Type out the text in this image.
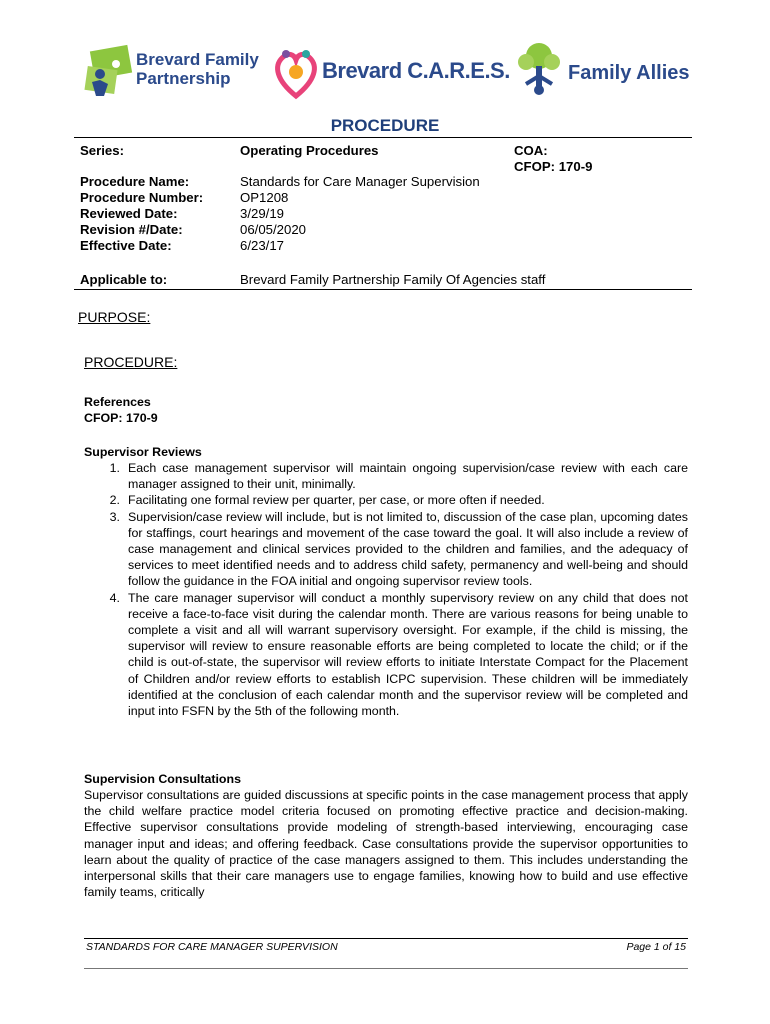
Brevard Family
Partnership	Brevard C.A.R.E.S.	Family Allies
PROCEDURE
Series:	Operating Procedures	COA:
CFOP: 170-9
Procedure Name:	Standards for Care Manager Supervision
Procedure Number:	OP1208
Reviewed Date:	3/29/19
Revision #/Date:	06/05/2020
Effective Date:	6/23/17
Applicable to:	Brevard Family Partnership Family Of Agencies staff
PURPOSE:
PROCEDURE:
References
CFOP: 170-9
Supervisor Reviews
1. Each case management supervisor will maintain ongoing supervision/case review with each care manager assigned to their unit, minimally.
2. Facilitating one formal review per quarter, per case, or more often if needed.
3. Supervision/case review will include, but is not limited to, discussion of the case plan, upcoming dates for staffings, court hearings and movement of the case toward the goal. It will also include a review of case management and clinical services provided to the children and families, and the adequacy of services to meet identified needs and to address child safety, permanency and well-being and should follow the guidance in the FOA initial and ongoing supervisor review tools.
4. The care manager supervisor will conduct a monthly supervisory review on any child that does not receive a face-to-face visit during the calendar month. There are various reasons for being unable to complete a visit and all will warrant supervisory oversight. For example, if the child is missing, the supervisor will review to ensure reasonable efforts are being completed to locate the child; or if the child is out-of-state, the supervisor will review efforts to initiate Interstate Compact for the Placement of Children and/or review efforts to establish ICPC supervision. These children will be immediately identified at the conclusion of each calendar month and the supervisor review will be completed and input into FSFN by the 5th of the following month.
Supervision Consultations
Supervisor consultations are guided discussions at specific points in the case management process that apply the child welfare practice model criteria focused on promoting effective practice and decision-making. Effective supervisor consultations provide modeling of strength-based interviewing, encouraging case manager input and ideas; and offering feedback. Case consultations provide the supervisor opportunities to learn about the quality of practice of the case managers assigned to them. This includes understanding the interpersonal skills that their care managers use to engage families, knowing how to build and use effective family teams, critically
STANDARDS FOR CARE MANAGER SUPERVISION	Page 1 of 15
